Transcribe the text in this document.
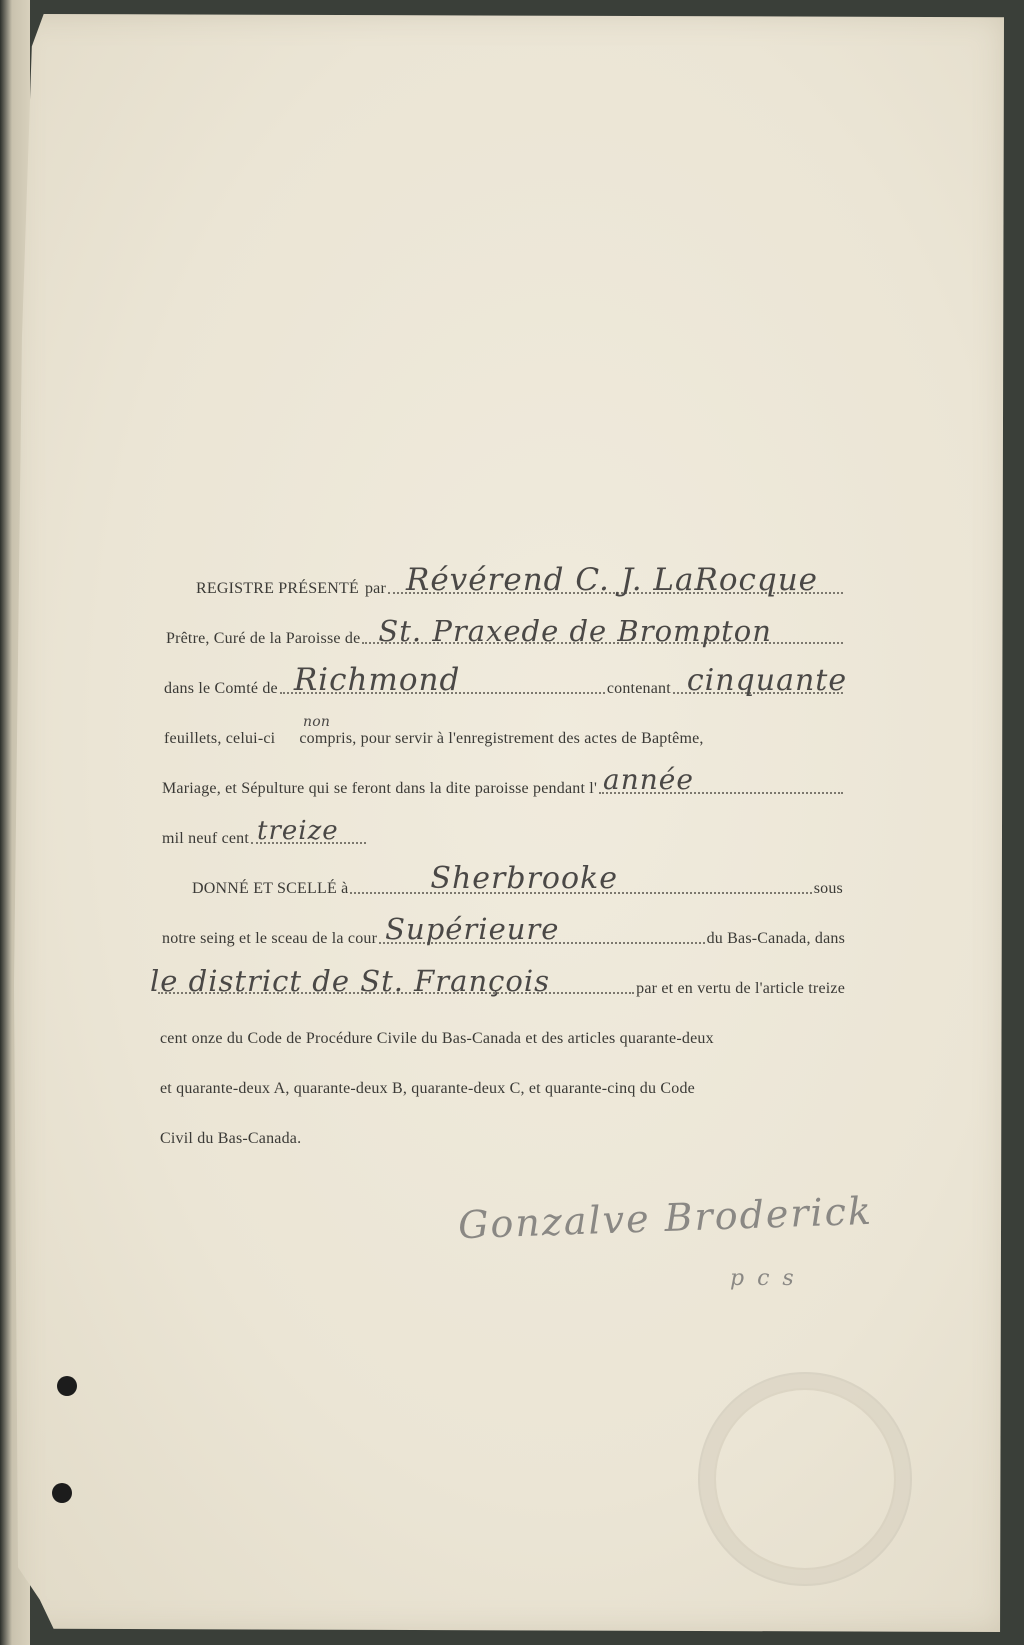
REGISTRE PRÉSENTÉ par Révérend C. J. LaRocque
Prêtre, Curé de la Paroisse de St. Praxede de Brompton
dans le Comté de Richmond	contenant cinquante
feuillets, celui-ci
non
compris, pour servir à l'enregistrement des actes de Baptême,
Mariage, et Sépulture qui se feront dans la dite paroisse pendant l' année
mil neuf cent treize
DONNÉ ET SCELLÉ à	Sherbrooke	sous
notre seing et le sceau de la cour Supérieure	du Bas-Canada, dans
le district de St. François	par et en vertu de l'article treize
cent onze du Code de Procédure Civile du Bas-Canada et des articles quarante-deux
et quarante-deux A, quarante-deux B, quarante-deux C, et quarante-cinq du Code
Civil du Bas-Canada.
Gonzalve Broderick
p c s
